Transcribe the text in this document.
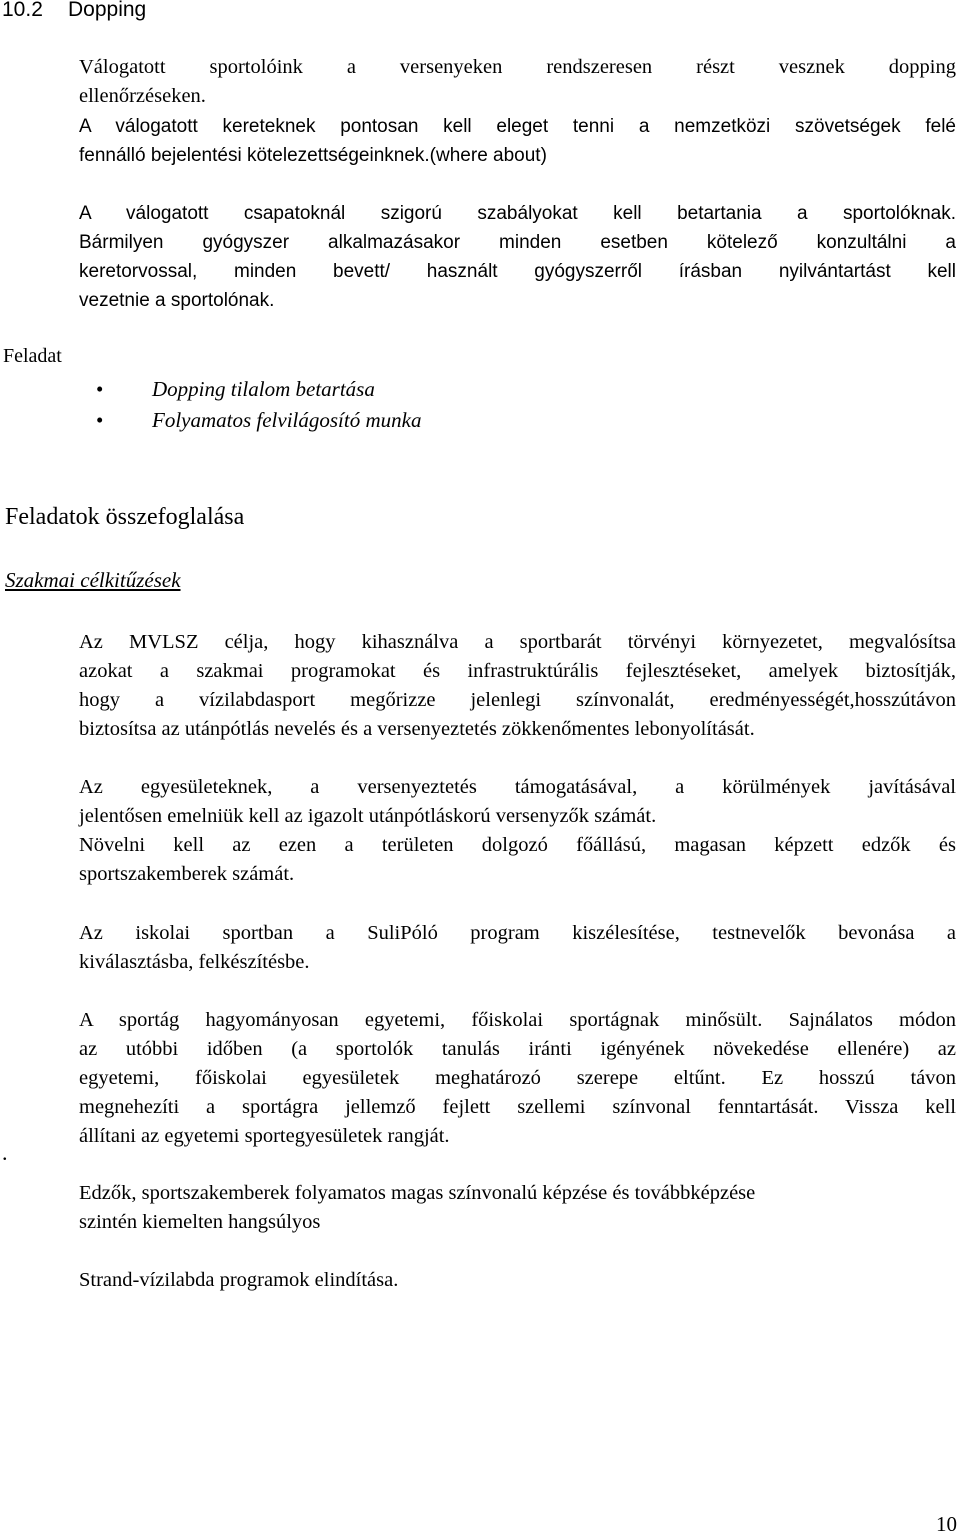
10.2 Dopping
Válogatott sportolóink a versenyeken rendszeresen részt vesznek dopping
ellenőrzéseken.
A válogatott kereteknek pontosan kell eleget tenni a nemzetközi szövetségek felé
fennálló bejelentési kötelezettségeinknek.(where about)
A válogatott csapatoknál szigorú szabályokat kell betartania a sportolóknak.
Bármilyen gyógyszer alkalmazásakor minden esetben kötelező konzultálni a
keretorvossal, minden bevett/ használt gyógyszerről írásban nyilvántartást kell
vezetnie a sportolónak.
Feladat
•	Dopping tilalom betartása
•	Folyamatos felvilágosító munka
Feladatok összefoglalása
Szakmai célkitűzések
Az MVLSZ célja, hogy kihasználva a sportbarát törvényi környezetet, megvalósítsa
azokat a szakmai programokat és infrastruktúrális fejlesztéseket, amelyek biztosítják,
hogy a vízilabdasport megőrizze jelenlegi színvonalát, eredményességét,hosszútávon
biztosítsa az utánpótlás nevelés és a versenyeztetés zökkenőmentes lebonyolítását.
Az egyesületeknek, a versenyeztetés támogatásával, a körülmények javításával
jelentősen emelniük kell az igazolt utánpótláskorú versenyzők számát.
Növelni kell az ezen a területen dolgozó főállású, magasan képzett edzők és
sportszakemberek számát.
Az iskolai sportban a SuliPóló program kiszélesítése, testnevelők bevonása a
kiválasztásba, felkészítésbe.
A sportág hagyományosan egyetemi, főiskolai sportágnak minősült. Sajnálatos módon
az utóbbi időben (a sportolók tanulás iránti igényének növekedése ellenére) az
egyetemi, főiskolai egyesületek meghatározó szerepe eltűnt. Ez hosszú távon
megnehezíti a sportágra jellemző fejlett szellemi színvonal fenntartását. Vissza kell
állítani az egyetemi sportegyesületek rangját.
.
Edzők, sportszakemberek folyamatos magas színvonalú képzése és továbbképzése
szintén kiemelten hangsúlyos
Strand-vízilabda programok elindítása.
10
